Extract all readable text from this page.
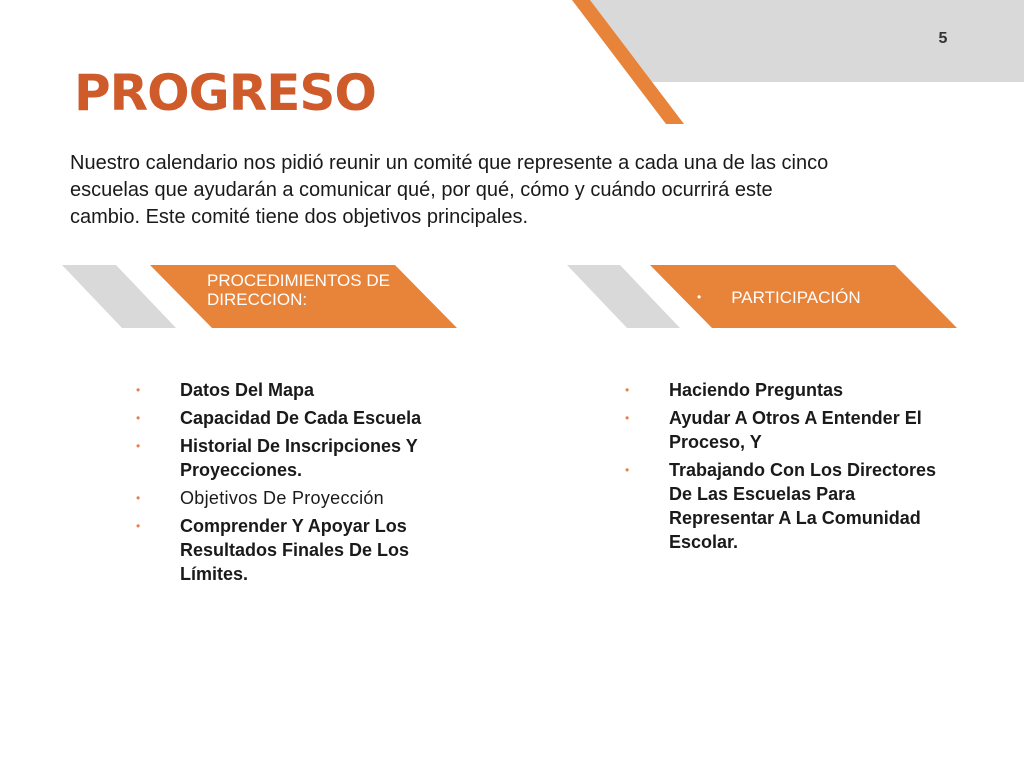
5
PROGRESO

Nuestro calendario nos pidió reunir un comité que represente a cada una de las cinco escuelas que ayudarán a comunicar qué, por qué, cómo y cuándo ocurrirá este cambio. Este comité tiene dos objetivos principales.

PROCEDIMIENTOS DE DIRECCION:	• PARTICIPACIÓN
• Datos Del Mapa
• Capacidad De Cada Escuela
• Historial De Inscripciones Y Proyecciones.
• Objetivos De Proyección
• Comprender Y Apoyar Los Resultados Finales De Los Límites.
• Haciendo Preguntas
• Ayudar A Otros A Entender El Proceso, Y
• Trabajando Con Los Directores De Las Escuelas Para Representar A La Comunidad Escolar.
